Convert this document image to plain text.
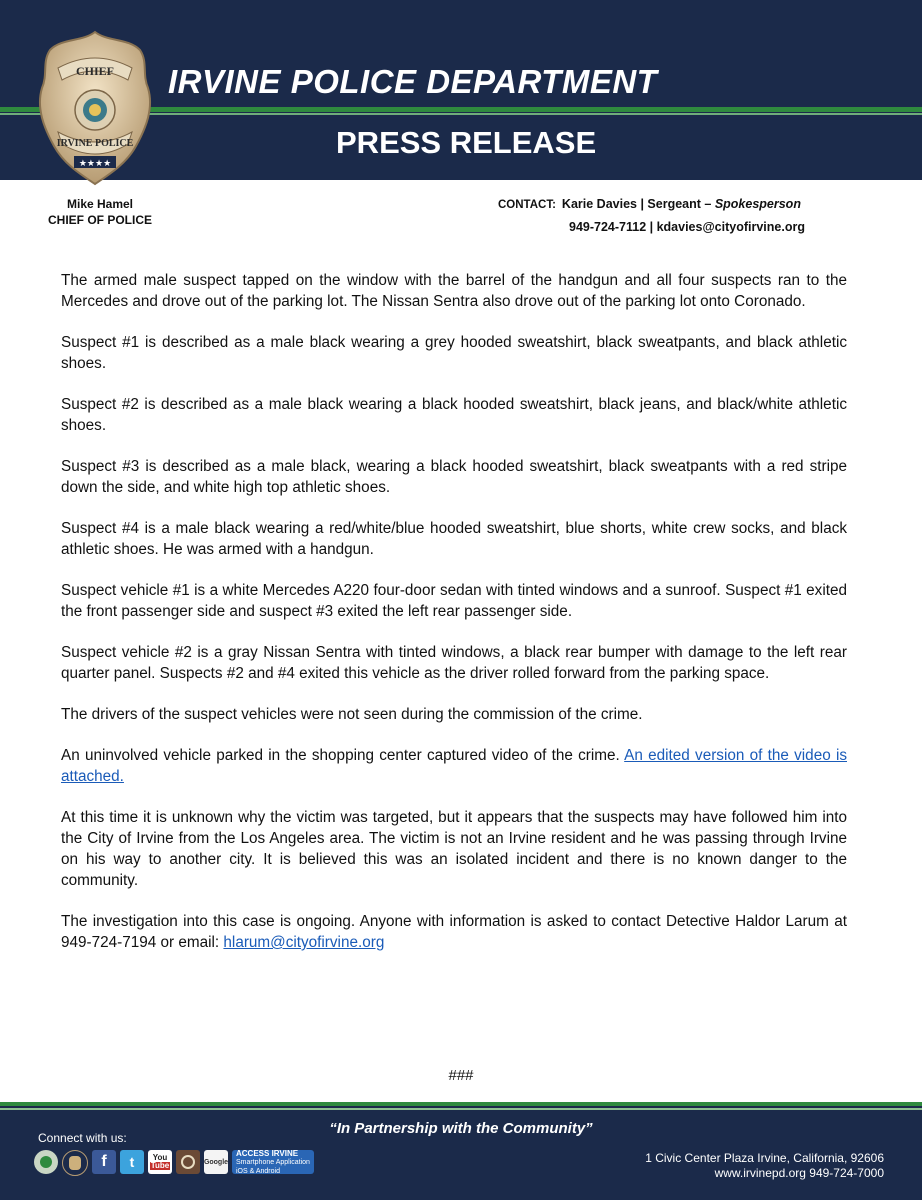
IRVINE POLICE DEPARTMENT
PRESS RELEASE
CHIEF
IRVINE POLICE
★★★★
Mike Hamel
CHIEF OF POLICE
CONTACT: Karie Davies | Sergeant – Spokesperson
949-724-7112 | kdavies@cityofirvine.org

The armed male suspect tapped on the window with the barrel of the handgun and all four suspects ran to the Mercedes and drove out of the parking lot. The Nissan Sentra also drove out of the parking lot onto Coronado.

Suspect #1 is described as a male black wearing a grey hooded sweatshirt, black sweatpants, and black athletic shoes.

Suspect #2 is described as a male black wearing a black hooded sweatshirt, black jeans, and black/white athletic shoes.

Suspect #3 is described as a male black, wearing a black hooded sweatshirt, black sweatpants with a red stripe down the side, and white high top athletic shoes.

Suspect #4 is a male black wearing a red/white/blue hooded sweatshirt, blue shorts, white crew socks, and black athletic shoes. He was armed with a handgun.

Suspect vehicle #1 is a white Mercedes A220 four-door sedan with tinted windows and a sunroof. Suspect #1 exited the front passenger side and suspect #3 exited the left rear passenger side.

Suspect vehicle #2 is a gray Nissan Sentra with tinted windows, a black rear bumper with damage to the left rear quarter panel. Suspects #2 and #4 exited this vehicle as the driver rolled forward from the parking space.

The drivers of the suspect vehicles were not seen during the commission of the crime.

An uninvolved vehicle parked in the shopping center captured video of the crime. An edited version of the video is attached.

At this time it is unknown why the victim was targeted, but it appears that the suspects may have followed him into the City of Irvine from the Los Angeles area. The victim is not an Irvine resident and he was passing through Irvine on his way to another city. It is believed this was an isolated incident and there is no known danger to the community.

The investigation into this case is ongoing. Anyone with information is asked to contact Detective Haldor Larum at 949-724-7194 or email: hlarum@cityofirvine.org

###
“In Partnership with the Community”
Connect with us:
f	t	You
Tube	Google
ACCESS IRVINE
Smartphone Application
iOS & Android
1 Civic Center Plaza Irvine, California, 92606
www.irvinepd.org 949-724-7000
